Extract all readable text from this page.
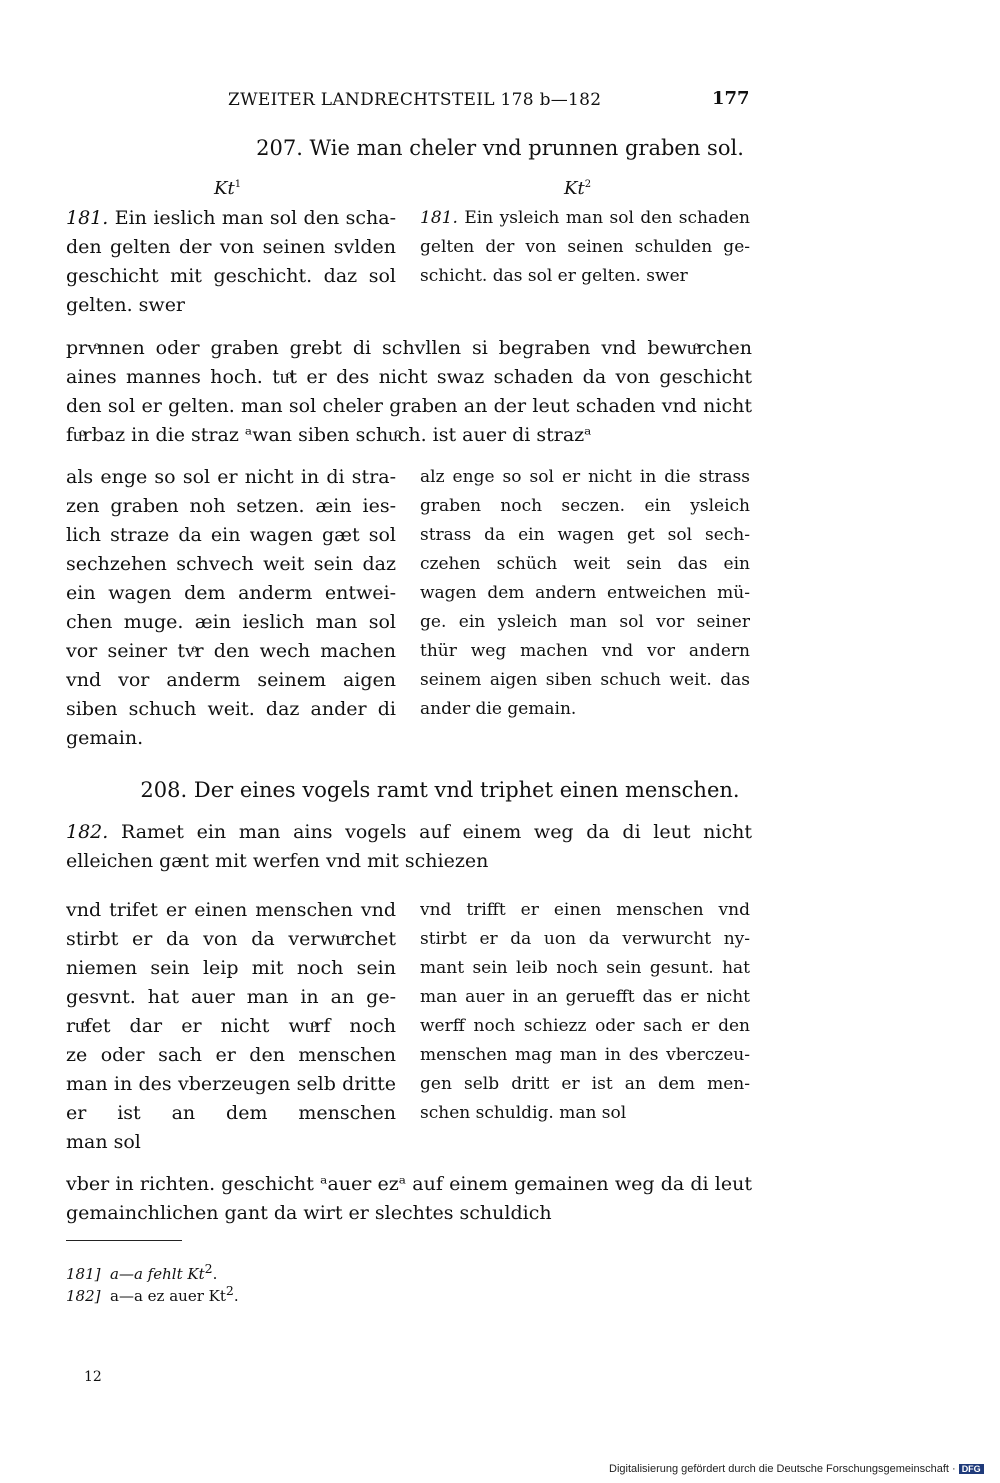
ZWEITER LANDRECHTSTEIL 178 b—182	177
207. Wie man cheler vnd prunnen graben sol.
Kt$^1$	Kt$^2$
181. Ein ieslich man sol den scha-
den gelten der von seinen svlden
geschicht mit geschicht. daz sol
gelten. swer
181. Ein ysleich man sol den schaden
gelten der von seinen schulden ge-
schicht. das sol er gelten. swer
prvͦnnen oder graben grebt di schvllen si begraben vnd bewuͦrchen
aines mannes hoch. tuͦt er des nicht swaz schaden da von geschicht
den sol er gelten. man sol cheler graben an der leut schaden vnd nicht
fuͦrbaz in die straz ᵃwan siben schuͦch. ist auer di strazᵃ
als enge so sol er nicht in di stra-
zen graben noh setzen. æin ies-
lich straze da ein wagen gæt sol
sechzehen schvech weit sein daz
ein wagen dem anderm entwei-
chen muge. æin ieslich man sol
vor seiner tvͦr den wech machen
vnd vor anderm seinem aigen
siben schuch weit. daz ander di
gemain.
alz enge so sol er nicht in die strass
graben noch seczen. ein ysleich
strass da ein wagen get sol sech-
czehen schüch weit sein das ein
wagen dem andern entweichen mü-
ge. ein ysleich man sol vor seiner
thür weg machen vnd vor andern
seinem aigen siben schuch weit. das
ander die gemain.
208. Der eines vogels ramt vnd triphet einen menschen.
182. Ramet ein man ains vogels auf einem weg da di leut nicht
elleichen gænt mit werfen vnd mit schiezen
vnd trifet er einen menschen vnd
stirbt er da von da verwuͦrchet
niemen sein leip mit noch sein
gesvnt. hat auer man in an ge-
ruͦfet dar er nicht wuͦrf noch
ze oder sach er den menschen
man in des vberzeugen selb dritte
er ist an dem menschen
man sol
vnd trifft er einen menschen vnd
stirbt er da uon da verwurcht ny-
mant sein leib noch sein gesunt. hat
man auer in an geruefft das er nicht
werff noch schiezz oder sach er den
menschen mag man in des vberczeu-
gen selb dritt er ist an dem men-
schen schuldig. man sol
vber in richten. geschicht ᵃauer ezᵃ auf einem gemainen weg da di leut
gemainchlichen gant da wirt er slechtes schuldich
181] a—a fehlt Kt$^2$.
182] a—a ez auer Kt$^2$.
12
Digitalisierung gefördert durch die Deutsche Forschungsgemeinschaft · DFG
